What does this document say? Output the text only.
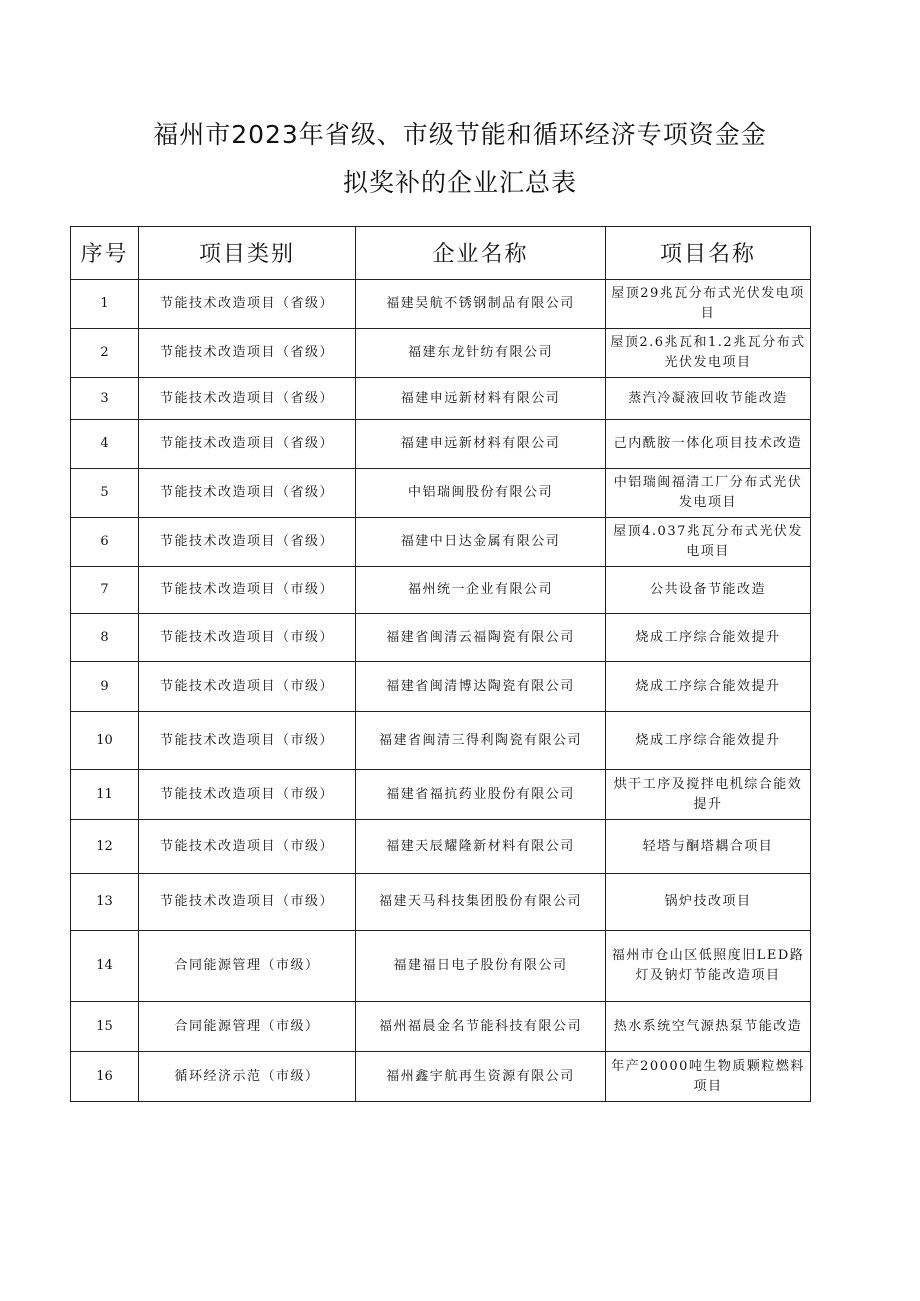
福州市2023年省级、市级节能和循环经济专项资金金
拟奖补的企业汇总表
序号	项目类别	企业名称	项目名称
1	节能技术改造项目（省级）	福建吴航不锈钢制品有限公司	屋顶29兆瓦分布式光伏发电项目
2	节能技术改造项目（省级）	福建东龙针纺有限公司	屋顶2.6兆瓦和1.2兆瓦分布式光伏发电项目
3	节能技术改造项目（省级）	福建申远新材料有限公司	蒸汽冷凝液回收节能改造
4	节能技术改造项目（省级）	福建申远新材料有限公司	己内酰胺一体化项目技术改造
5	节能技术改造项目（省级）	中铝瑞闽股份有限公司	中铝瑞闽福清工厂分布式光伏发电项目
6	节能技术改造项目（省级）	福建中日达金属有限公司	屋顶4.037兆瓦分布式光伏发电项目
7	节能技术改造项目（市级）	福州统一企业有限公司	公共设备节能改造
8	节能技术改造项目（市级）	福建省闽清云福陶瓷有限公司	烧成工序综合能效提升
9	节能技术改造项目（市级）	福建省闽清博达陶瓷有限公司	烧成工序综合能效提升
10	节能技术改造项目（市级）	福建省闽清三得利陶瓷有限公司	烧成工序综合能效提升
11	节能技术改造项目（市级）	福建省福抗药业股份有限公司	烘干工序及搅拌电机综合能效提升
12	节能技术改造项目（市级）	福建天辰耀隆新材料有限公司	轻塔与酮塔耦合项目
13	节能技术改造项目（市级）	福建天马科技集团股份有限公司	锅炉技改项目
14	合同能源管理（市级）	福建福日电子股份有限公司	福州市仓山区低照度旧LED路灯及钠灯节能改造项目
15	合同能源管理（市级）	福州福晨金名节能科技有限公司	热水系统空气源热泵节能改造
16	循环经济示范（市级）	福州鑫宇航再生资源有限公司	年产20000吨生物质颗粒燃料项目
